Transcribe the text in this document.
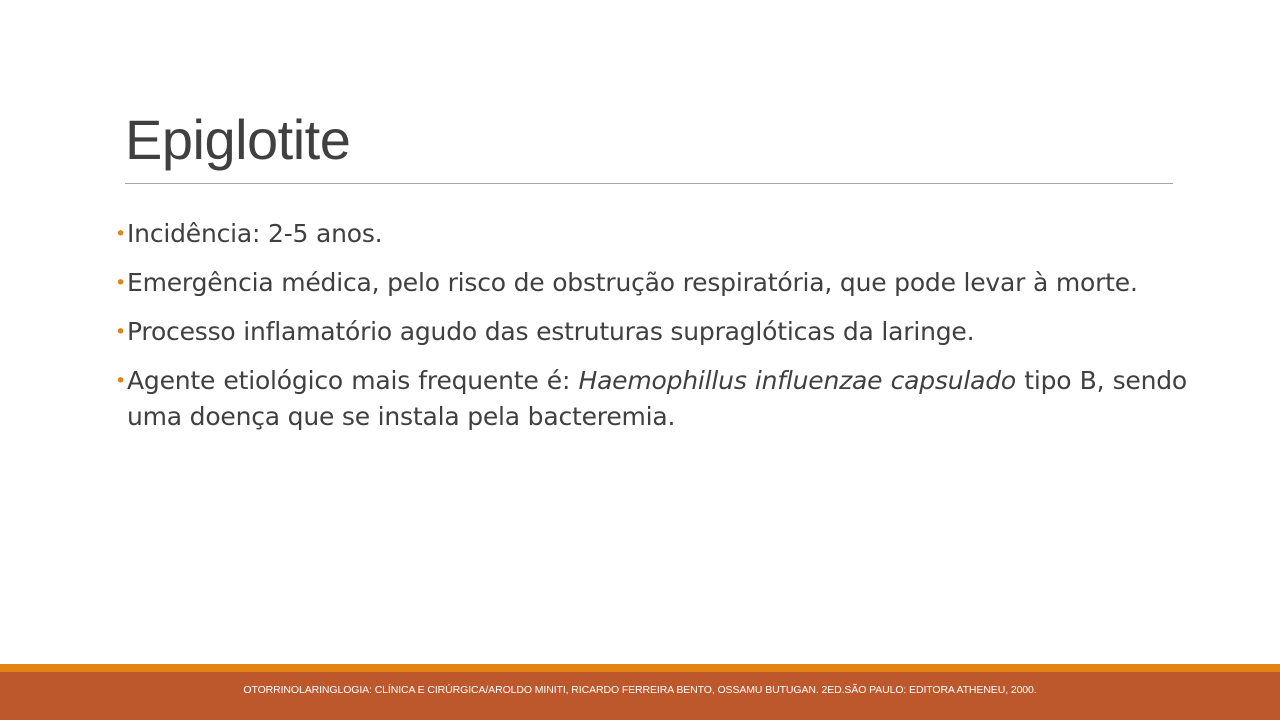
Epiglotite
• Incidência: 2-5 anos.
• Emergência médica, pelo risco de obstrução respiratória, que pode levar à morte.
• Processo inflamatório agudo das estruturas supraglóticas da laringe.
• Agente etiológico mais frequente é: Haemophillus influenzae capsulado tipo B, sendo uma doença que se instala pela bacteremia.
OTORRINOLARINGLOGIA: CLÍNICA E CIRÚRGICA/AROLDO MINITI, RICARDO FERREIRA BENTO, OSSAMU BUTUGAN. 2ED.SÃO PAULO: EDITORA ATHENEU, 2000.
